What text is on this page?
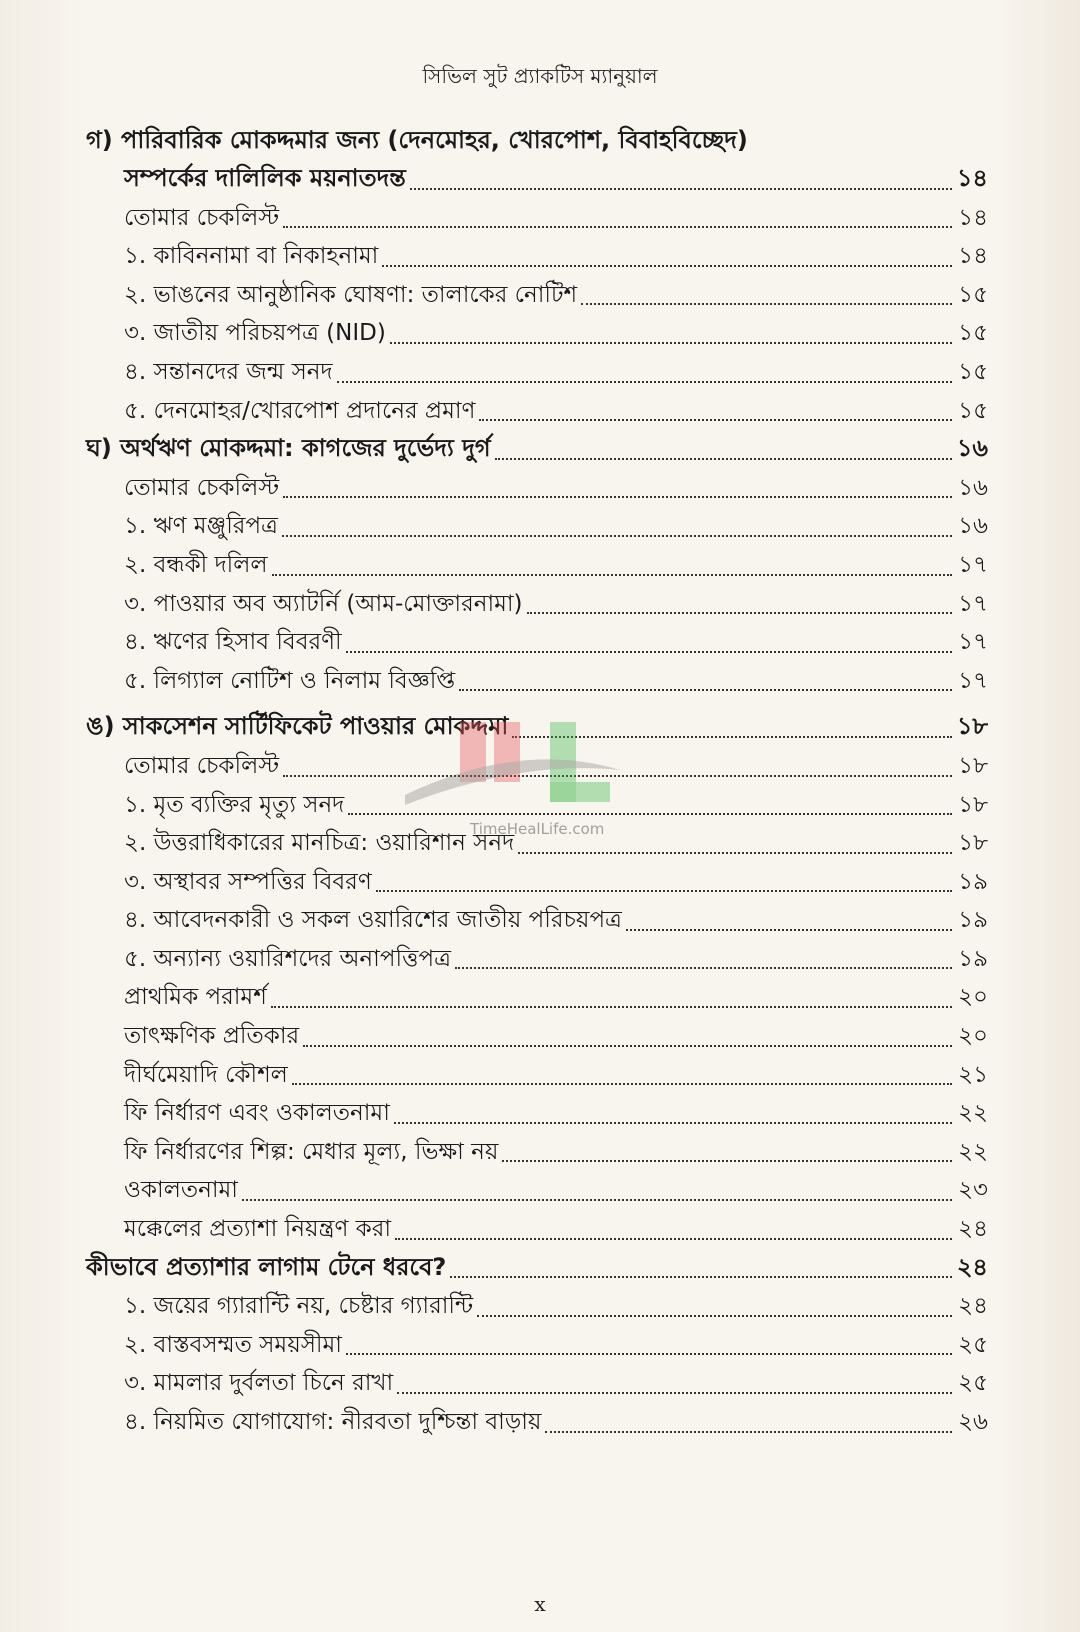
সিভিল সুট প্র্যাকটিস ম্যানুয়াল
গ) পারিবারিক মোকদ্দমার জন্য (দেনমোহর, খোরপোশ, বিবাহবিচ্ছেদ)
সম্পর্কের দালিলিক ময়নাতদন্ত	১৪
তোমার চেকলিস্ট	১৪
১. কাবিননামা বা নিকাহনামা	১৪
২. ভাঙনের আনুষ্ঠানিক ঘোষণা: তালাকের নোটিশ	১৫
৩. জাতীয় পরিচয়পত্র (NID)	১৫
৪. সন্তানদের জন্ম সনদ	১৫
৫. দেনমোহর/খোরপোশ প্রদানের প্রমাণ	১৫
ঘ) অর্থঋণ মোকদ্দমা: কাগজের দুর্ভেদ্য দুর্গ	১৬
তোমার চেকলিস্ট	১৬
১. ঋণ মঞ্জুরিপত্র	১৬
২. বন্ধকী দলিল	১৭
৩. পাওয়ার অব অ্যাটর্নি (আম-মোক্তারনামা)	১৭
৪. ঋণের হিসাব বিবরণী	১৭
৫. লিগ্যাল নোটিশ ও নিলাম বিজ্ঞপ্তি	১৭
ঙ) সাকসেশন সার্টিফিকেট পাওয়ার মোকদ্দমা	১৮
তোমার চেকলিস্ট	১৮
১. মৃত ব্যক্তির মৃত্যু সনদ	১৮
২. উত্তরাধিকারের মানচিত্র: ওয়ারিশান সনদ	১৮
৩. অস্থাবর সম্পত্তির বিবরণ	১৯
৪. আবেদনকারী ও সকল ওয়ারিশের জাতীয় পরিচয়পত্র	১৯
৫. অন্যান্য ওয়ারিশদের অনাপত্তিপত্র	১৯
প্রাথমিক পরামর্শ	২০
তাৎক্ষণিক প্রতিকার	২০
দীর্ঘমেয়াদি কৌশল	২১
ফি নির্ধারণ এবং ওকালতনামা	২২
ফি নির্ধারণের শিল্প: মেধার মূল্য, ভিক্ষা নয়	২২
ওকালতনামা	২৩
মক্কেলের প্রত্যাশা নিয়ন্ত্রণ করা	২৪
কীভাবে প্রত্যাশার লাগাম টেনে ধরবে?	২৪
১. জয়ের গ্যারান্টি নয়, চেষ্টার গ্যারান্টি	২৪
২. বাস্তবসম্মত সময়সীমা	২৫
৩. মামলার দুর্বলতা চিনে রাখা	২৫
৪. নিয়মিত যোগাযোগ: নীরবতা দুশ্চিন্তা বাড়ায়	২৬
TimeHealLife.com
x
